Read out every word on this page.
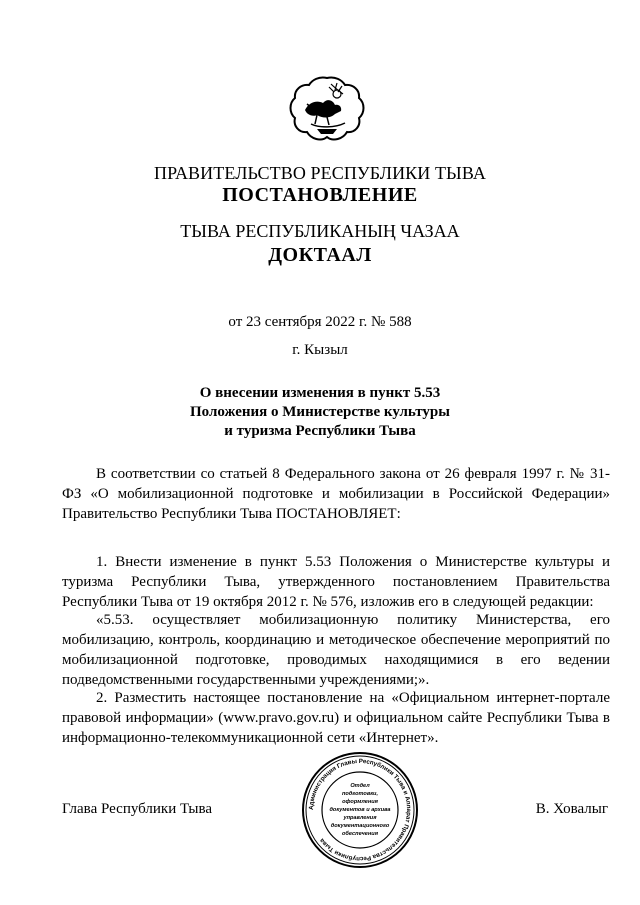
ПРАВИТЕЛЬСТВО РЕСПУБЛИКИ ТЫВА
ПОСТАНОВЛЕНИЕ
ТЫВА РЕСПУБЛИКАНЫҢ ЧАЗАА
ДОКТААЛ
от 23 сентября 2022 г. № 588
г. Кызыл
О внесении изменения в пункт 5.53
Положения о Министерстве культуры
и туризма Республики Тыва

В соответствии со статьей 8 Федерального закона от 26 февраля 1997 г. № 31-ФЗ «О мобилизационной подготовке и мобилизации в Российской Федерации» Правительство Республики Тыва ПОСТАНОВЛЯЕТ:

1. Внести изменение в пункт 5.53 Положения о Министерстве культуры и туризма Республики Тыва, утвержденного постановлением Правительства Республики Тыва от 19 октября 2012 г. № 576, изложив его в следующей редакции:

«5.53. осуществляет мобилизационную политику Министерства, его мобилизацию, контроль, координацию и методическое обеспечение мероприятий по мобилизационной подготовке, проводимых находящимися в его ведении подведомственными государственными учреждениями;».

2. Разместить настоящее постановление на «Официальном интернет-портале правовой информации» (www.pravo.gov.ru) и официальном сайте Республики Тыва в информационно-телекоммуникационной сети «Интернет».

Глава Республики Тыва	В. Ховалыг
Администрация Главы Республики Тыва и Аппарат Правительства Республики Тыва
Отдел
подготовки,
оформления
документов и архива
управления
документационного
обеспечения
